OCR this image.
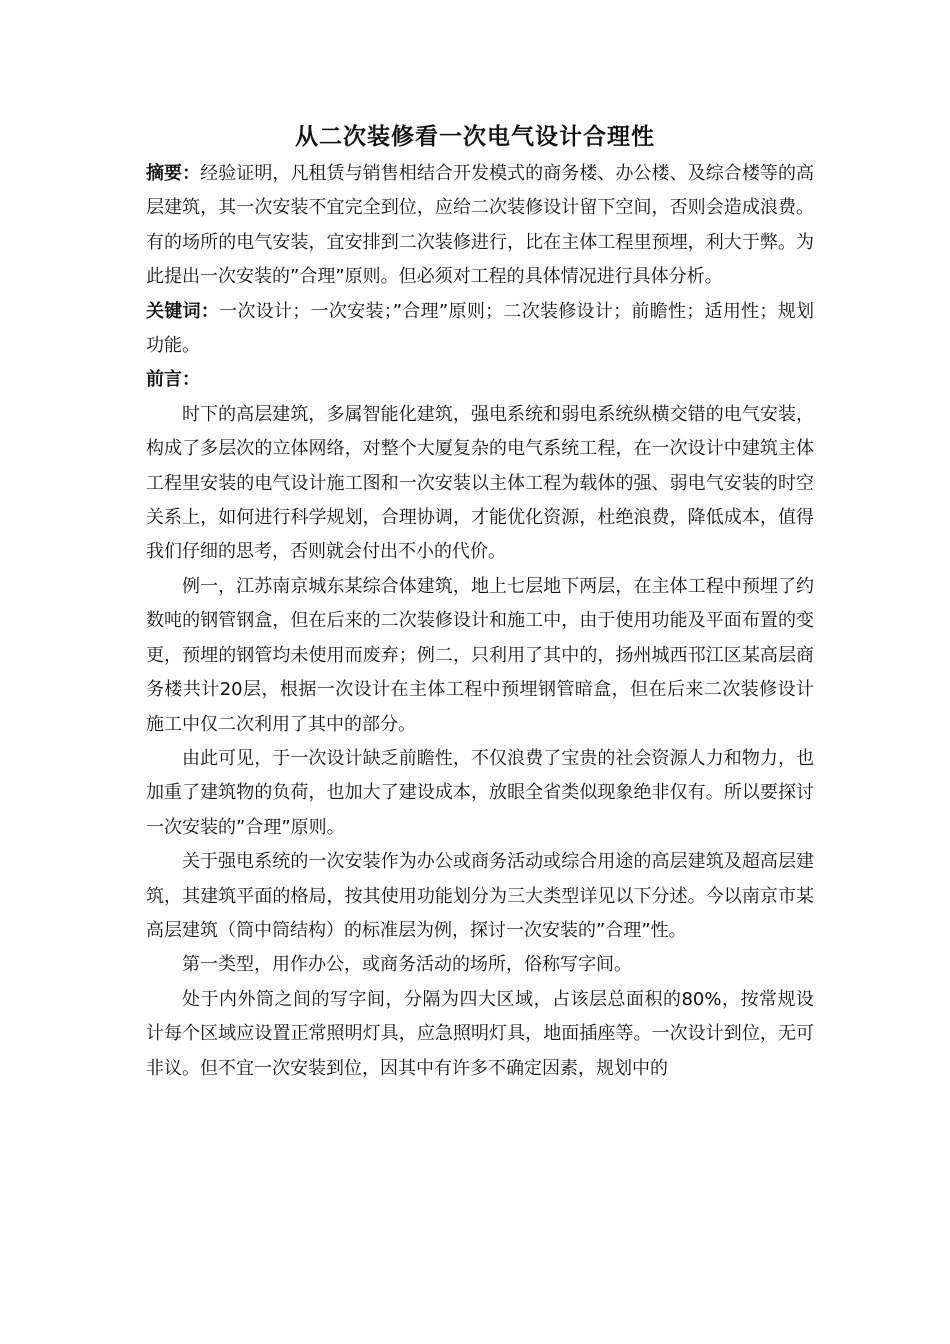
从二次装修看一次电气设计合理性

摘要：经验证明，凡租赁与销售相结合开发模式的商务楼、办公楼、及综合楼等的高层建筑，其一次安装不宜完全到位，应给二次装修设计留下空间，否则会造成浪费。有的场所的电气安装，宜安排到二次装修进行，比在主体工程里预埋，利大于弊。为此提出一次安装的”合理”原则。但必须对工程的具体情况进行具体分析。

关键词：一次设计；一次安装；”合理”原则；二次装修设计；前瞻性；适用性；规划功能。

前言：

时下的高层建筑，多属智能化建筑，强电系统和弱电系统纵横交错的电气安装，构成了多层次的立体网络，对整个大厦复杂的电气系统工程，在一次设计中建筑主体工程里安装的电气设计施工图和一次安装以主体工程为载体的强、弱电气安装的时空关系上，如何进行科学规划，合理协调，才能优化资源，杜绝浪费，降低成本，值得我们仔细的思考，否则就会付出不小的代价。

例一，江苏南京城东某综合体建筑，地上七层地下两层，在主体工程中预埋了约数吨的钢管钢盒，但在后来的二次装修设计和施工中，由于使用功能及平面布置的变更，预埋的钢管均未使用而废弃；例二，只利用了其中的，扬州城西邗江区某高层商务楼共计20层，根据一次设计在主体工程中预埋钢管暗盒，但在后来二次装修设计施工中仅二次利用了其中的部分。

由此可见，于一次设计缺乏前瞻性，不仅浪费了宝贵的社会资源人力和物力，也加重了建筑物的负荷，也加大了建设成本，放眼全省类似现象绝非仅有。所以要探讨一次安装的”合理”原则。

关于强电系统的一次安装作为办公或商务活动或综合用途的高层建筑及超高层建筑，其建筑平面的格局，按其使用功能划分为三大类型详见以下分述。今以南京市某高层建筑（筒中筒结构）的标准层为例，探讨一次安装的”合理”性。

第一类型，用作办公，或商务活动的场所，俗称写字间。

处于内外筒之间的写字间，分隔为四大区域，占该层总面积的80%，按常规设计每个区域应设置正常照明灯具，应急照明灯具，地面插座等。一次设计到位，无可非议。但不宜一次安装到位，因其中有许多不确定因素，规划中的
